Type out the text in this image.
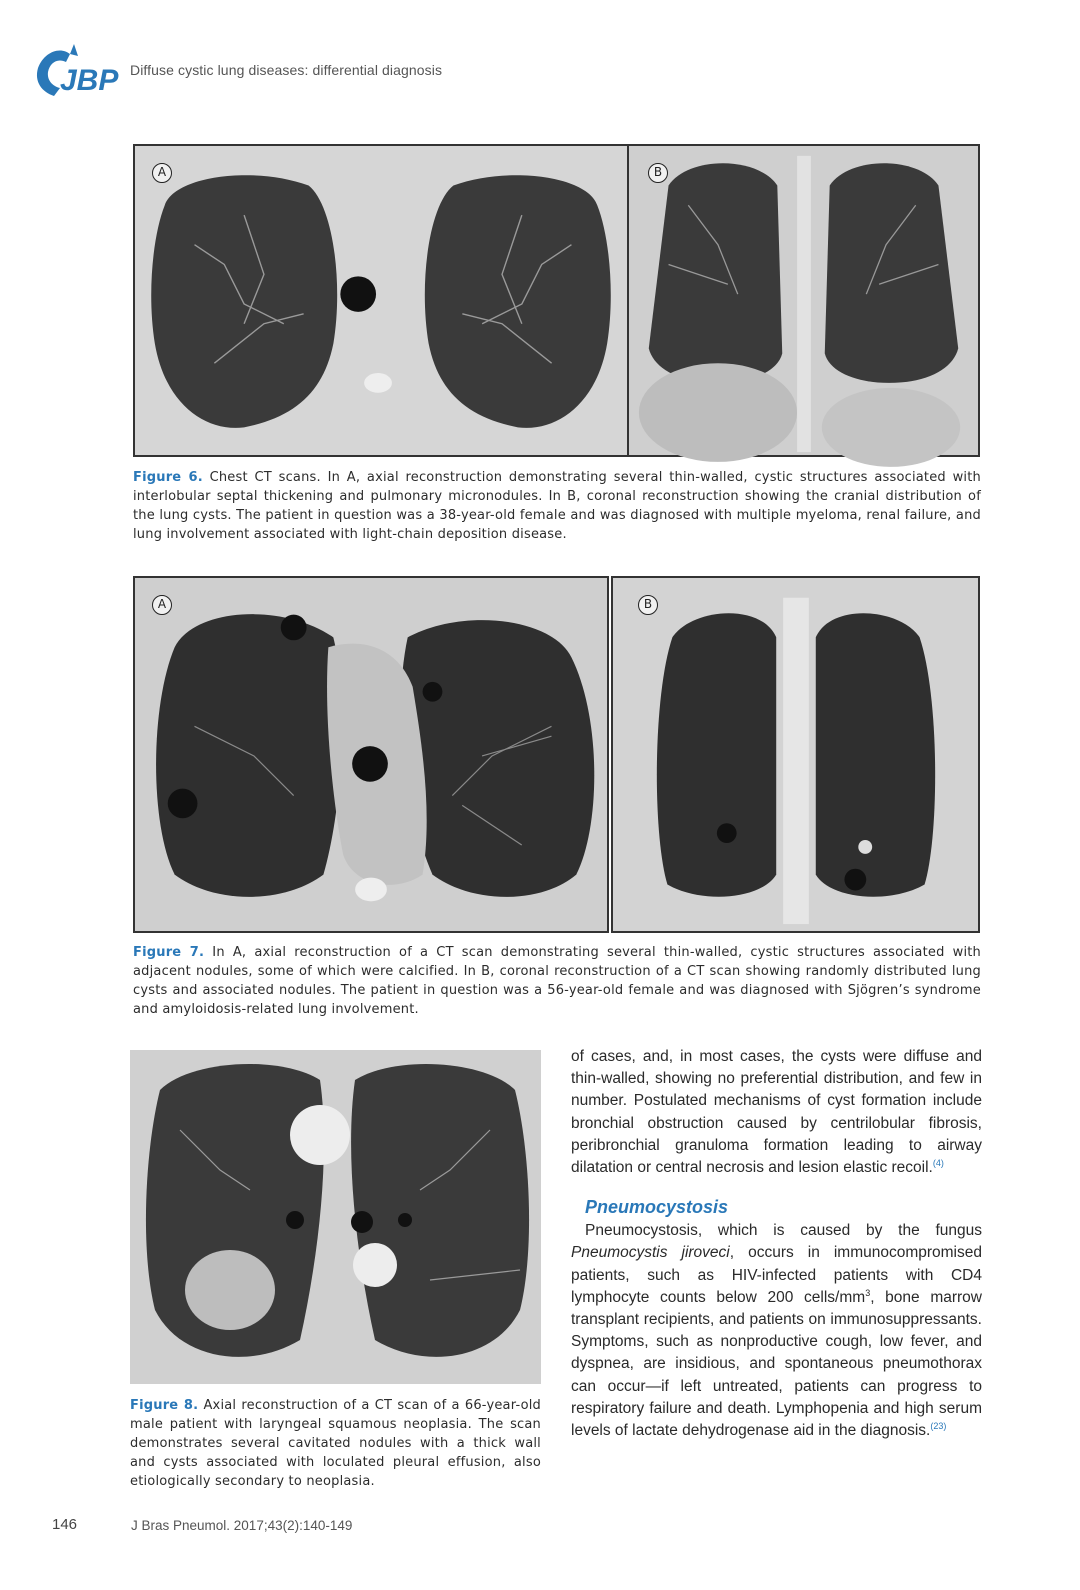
JBP Diffuse cystic lung diseases: differential diagnosis
A	B
Figure 6. Chest CT scans. In A, axial reconstruction demonstrating several thin-walled, cystic structures associated with interlobular septal thickening and pulmonary micronodules. In B, coronal reconstruction showing the cranial distribution of the lung cysts. The patient in question was a 38-year-old female and was diagnosed with multiple myeloma, renal failure, and lung involvement associated with light-chain deposition disease.
A	B
Figure 7. In A, axial reconstruction of a CT scan demonstrating several thin-walled, cystic structures associated with adjacent nodules, some of which were calcified. In B, coronal reconstruction of a CT scan showing randomly distributed lung cysts and associated nodules. The patient in question was a 56-year-old female and was diagnosed with Sjögren’s syndrome and amyloidosis-related lung involvement.
Figure 8. Axial reconstruction of a CT scan of a 66-year-old male patient with laryngeal squamous neoplasia. The scan demonstrates several cavitated nodules with a thick wall and cysts associated with loculated pleural effusion, also etiologically secondary to neoplasia.

of cases, and, in most cases, the cysts were diffuse and thin-walled, showing no preferential distribution, and few in number. Postulated mechanisms of cyst formation include bronchial obstruction caused by centrilobular fibrosis, peribronchial granuloma formation leading to airway dilatation or central necrosis and lesion elastic recoil.$^{(4)}$

Pneumocystosis

Pneumocystosis, which is caused by the fungus Pneumocystis jiroveci, occurs in immunocompromised patients, such as HIV-infected patients with CD4 lymphocyte counts below 200 cells/$mm^3$, bone marrow transplant recipients, and patients on immunosuppressants. Symptoms, such as nonproductive cough, low fever, and dyspnea, are insidious, and spontaneous pneumothorax can occur—if left untreated, patients can progress to respiratory failure and death. Lymphopenia and high serum levels of lactate dehydrogenase aid in the diagnosis.$^{(23)}$

146	J Bras Pneumol. 2017;43(2):140-149
